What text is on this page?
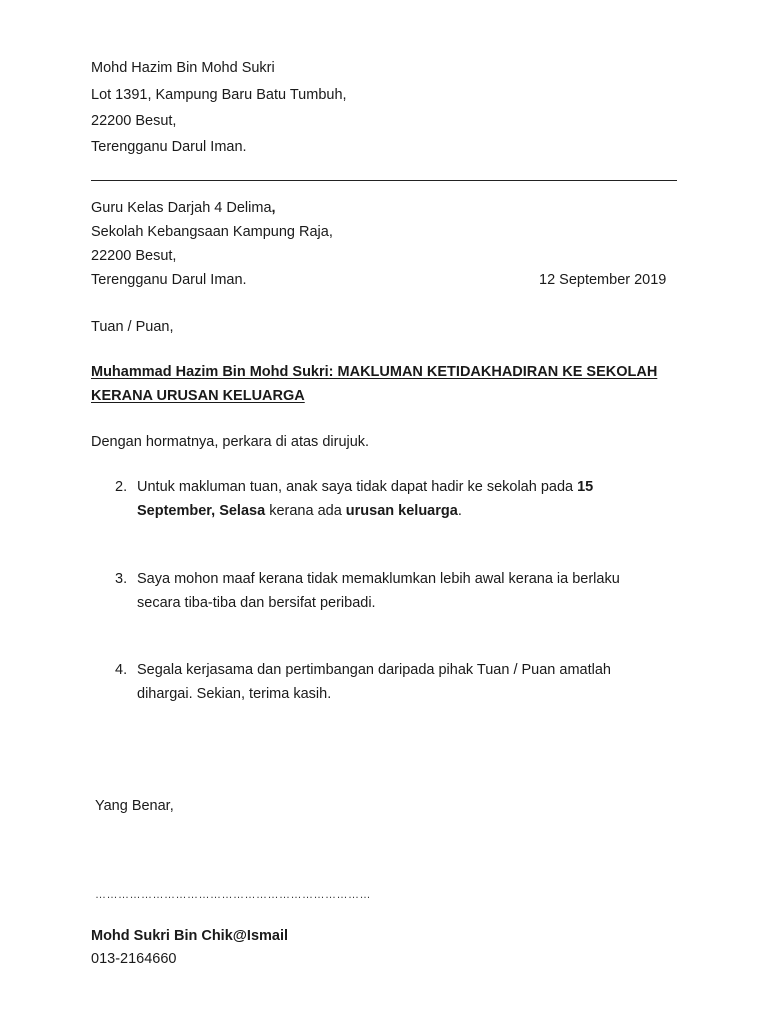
Mohd Hazim Bin Mohd Sukri
Lot 1391, Kampung Baru Batu Tumbuh,
22200 Besut,
Terengganu Darul Iman.
Guru Kelas Darjah 4 Delima,
Sekolah Kebangsaan Kampung Raja,
22200 Besut,
Terengganu Darul Iman.	12 September 2019
Tuan / Puan,
Muhammad Hazim Bin Mohd Sukri: MAKLUMAN KETIDAKHADIRAN KE SEKOLAH
KERANA URUSAN KELUARGA
Dengan hormatnya, perkara di atas dirujuk.
2. Untuk makluman tuan, anak saya tidak dapat hadir ke sekolah pada 15
September, Selasa kerana ada urusan keluarga.
3. Saya mohon maaf kerana tidak memaklumkan lebih awal kerana ia berlaku
secara tiba-tiba dan bersifat peribadi.
4. Segala kerjasama dan pertimbangan daripada pihak Tuan / Puan amatlah
dihargai. Sekian, terima kasih.
Yang Benar,
………………………………………………………………
Mohd Sukri Bin Chik@Ismail
013-2164660
